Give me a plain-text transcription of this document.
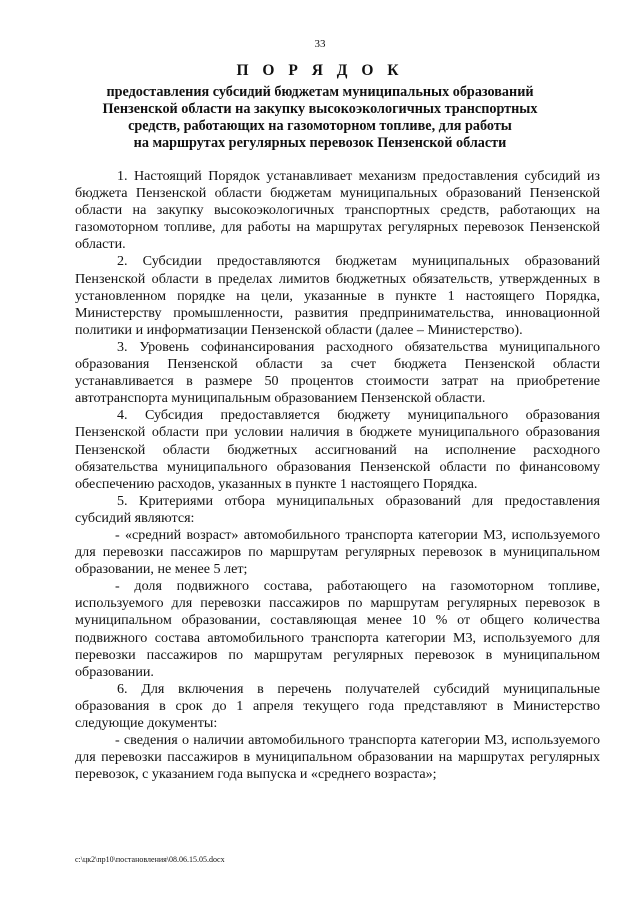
33
П О Р Я Д О К
предоставления субсидий бюджетам муниципальных образований
Пензенской области на закупку высокоэкологичных транспортных
средств, работающих на газомоторном топливе, для работы
на маршрутах регулярных перевозок Пензенской области

1. Настоящий Порядок устанавливает механизм предоставления субсидий из бюджета Пензенской области бюджетам муниципальных образований Пензенской области на закупку высокоэкологичных транспортных средств, работающих на газомоторном топливе, для работы на маршрутах регулярных перевозок Пензенской области.

2. Субсидии предоставляются бюджетам муниципальных образований Пензенской области в пределах лимитов бюджетных обязательств, утвержденных в установленном порядке на цели, указанные в пункте 1 настоящего Порядка, Министерству промышленности, развития предпринимательства, инновационной политики и информатизации Пензенской области (далее – Министерство).

3. Уровень софинансирования расходного обязательства муниципального образования Пензенской области за счет бюджета Пензенской области устанавливается в размере 50 процентов стоимости затрат на приобретение автотранспорта муниципальным образованием Пензенской области.

4. Субсидия предоставляется бюджету муниципального образования Пензенской области при условии наличия в бюджете муниципального образования Пензенской области бюджетных ассигнований на исполнение расходного обязательства муниципального образования Пензенской области по финансовому обеспечению расходов, указанных в пункте 1 настоящего Порядка.

5. Критериями отбора муниципальных образований для предоставления субсидий являются:

- «средний возраст» автомобильного транспорта категории М3, используемого для перевозки пассажиров по маршрутам регулярных перевозок в муниципальном образовании, не менее 5 лет;

- доля подвижного состава, работающего на газомоторном топливе, используемого для перевозки пассажиров по маршрутам регулярных перевозок в муниципальном образовании, составляющая менее 10 % от общего количества подвижного состава автомобильного транспорта категории М3, используемого для перевозки пассажиров по маршрутам регулярных перевозок в муниципальном образовании.

6. Для включения в перечень получателей субсидий муниципальные образования в срок до 1 апреля текущего года представляют в Министерство следующие документы:

- сведения о наличии автомобильного транспорта категории М3, используемого для перевозки пассажиров в муниципальном образовании на маршрутах регулярных перевозок, с указанием года выпуска и «среднего возраста»;

c:\цк2\пр10\постановления\08.06.15.05.docx
